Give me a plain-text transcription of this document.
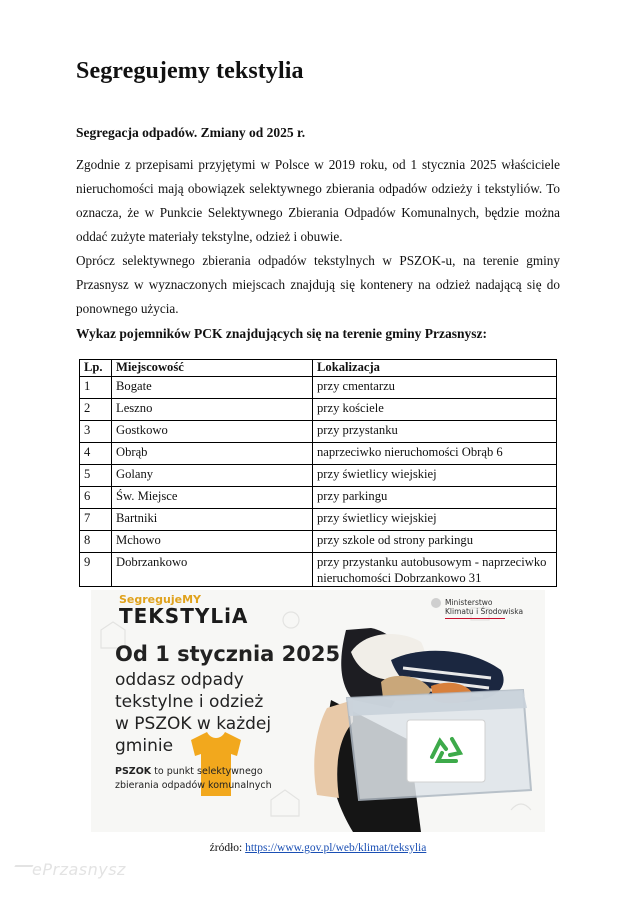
Segregujemy tekstylia

Segregacja odpadów. Zmiany od 2025 r.

Zgodnie z przepisami przyjętymi w Polsce w 2019 roku, od 1 stycznia 2025 właściciele nieruchomości mają obowiązek selektywnego zbierania odpadów odzieży i tekstyliów. To oznacza, że w Punkcie Selektywnego Zbierania Odpadów Komunalnych, będzie można oddać zużyte materiały tekstylne, odzież i obuwie.

Oprócz selektywnego zbierania odpadów tekstylnych w PSZOK-u, na terenie gminy Przasnysz w wyznaczonych miejscach znajdują się kontenery na odzież nadającą się do ponownego użycia.

Wykaz pojemników PCK znajdujących się na terenie gminy Przasnysz:

Lp.	Miejscowość	Lokalizacja
1	Bogate	przy cmentarzu
2	Leszno	przy kościele
3	Gostkowo	przy przystanku
4	Obrąb	naprzeciwko nieruchomości Obrąb 6
5	Golany	przy świetlicy wiejskiej
6	Św. Miejsce	przy parkingu
7	Bartniki	przy świetlicy wiejskiej
8	Mchowo	przy szkole od strony parkingu
9	Dobrzankowo	przy przystanku autobusowym - naprzeciwko nieruchomości Dobrzankowo 31
SegregujeMY
TEKSTYLiA
Ministerstwo
Klimatu i Środowiska
Od 1 stycznia 2025
oddasz odpady
tekstylne i odzież
w PSZOK w każdej
gminie
PSZOK to punkt selektywnego zbierania odpadów komunalnych
źródło: https://www.gov.pl/web/klimat/teksylia
ePrzasnysz
